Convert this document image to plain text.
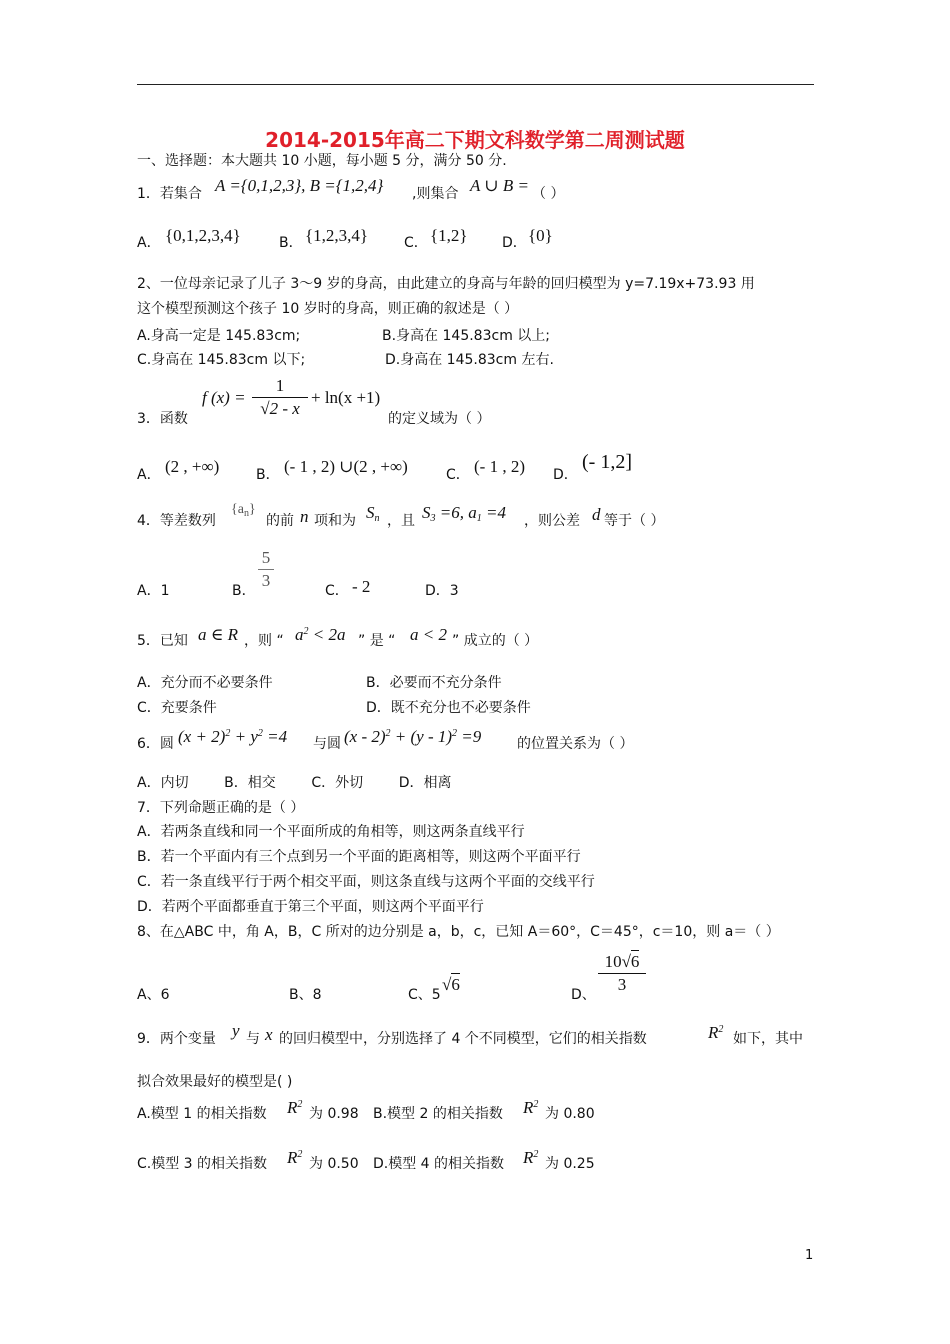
2014-2015年高二下期文科数学第二周测试题
一、选择题：本大题共 10 小题，每小题 5 分，满分 50 分.
1．若集合 A ={0,1,2,3}, B ={1,2,4} ,则集合 A ∪ B = （ ）
A． {0,1,2,3,4}	B． {1,2,3,4}	C． {1,2} D． {0}
2、一位母亲记录了儿子 3～9 岁的身高，由此建立的身高与年龄的回归模型为 y=7.19x+73.93 用
这个模型预测这个孩子 10 岁时的身高，则正确的叙述是（ ）
A.身高一定是 145.83cm;	B.身高在 145.83cm 以上;
C.身高在 145.83cm 以下;	D.身高在 145.83cm 左右.
3．函数
f (x) =
1
√2 - x
+ ln(x +1)
的定义域为（ ）
A． (2 , +∞)	B． (- 1 , 2) ∪(2 , +∞)	C． (- 1 , 2) D．
(- 1,2]
4．等差数列
$\{a_n\}$
的前 n 项和为 $S_n$ ，且 $S_3 =6$, $a_1 =4$ ，则公差 d 等于（ ）
A．1	B．
5
3
C． - 2	D．3
5．已知 a ∈ R ，则 “ $a^2 < 2a$ ” 是 “ a < 2 ” 成立的（ ）
A．充分而不必要条件	B．必要而不充分条件
C．充要条件	D．既不充分也不必要条件
6．圆 $(x + 2)^2 + y^2 =4$ 与圆 (x - 2)$^2$ + (y - 1)$^2$ =9	的位置关系为（ ）
A．内切        B．相交        C．外切        D．相离
7．下列命题正确的是（ ）
A．若两条直线和同一个平面所成的角相等，则这两条直线平行
B．若一个平面内有三个点到另一个平面的距离相等，则这两个平面平行
C．若一条直线平行于两个相交平面，则这条直线与这两个平面的交线平行
D．若两个平面都垂直于第三个平面，则这两个平面平行
8、在△ABC 中，角 A，B，C 所对的边分别是 a，b，c，已知 A＝60°，C＝45°，c＝10，则 a＝（ ）
A、6	B、8	C、5
√6
D、
10√6
3
9．两个变量 y 与 x 的回归模型中，分别选择了 4 个不同模型，它们的相关指数	$R^2$
如下，其中
拟合效果最好的模型是( )
A.模型 1 的相关指数 $R^2$
为 0.98 B.模型 2 的相关指数 $R^2$
为 0.80
C.模型 3 的相关指数 $R^2$
为 0.50 D.模型 4 的相关指数 $R^2$
为 0.25
1
